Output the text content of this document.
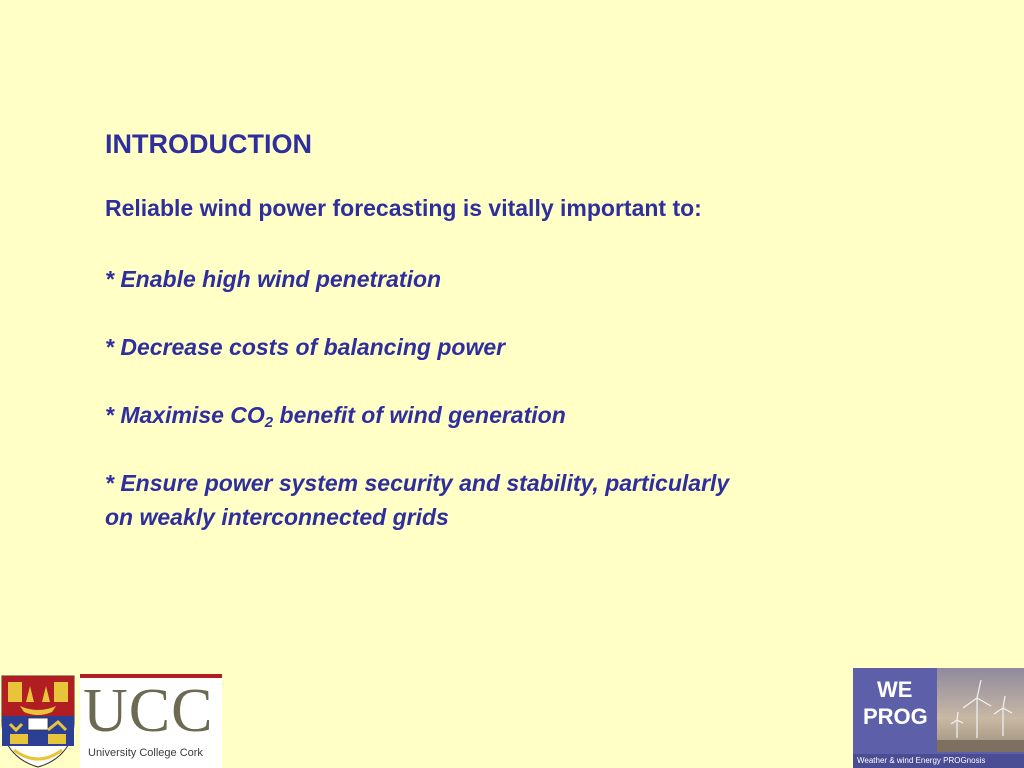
INTRODUCTION

Reliable wind power forecasting is vitally important to:

* Enable high wind penetration
* Decrease costs of balancing power
* Maximise $CO_2$ benefit of wind generation
* Ensure power system security and stability, particularly
on weakly interconnected grids
UCC
University College Cork
WE
PROG
Weather & wind Energy PROGnosis
